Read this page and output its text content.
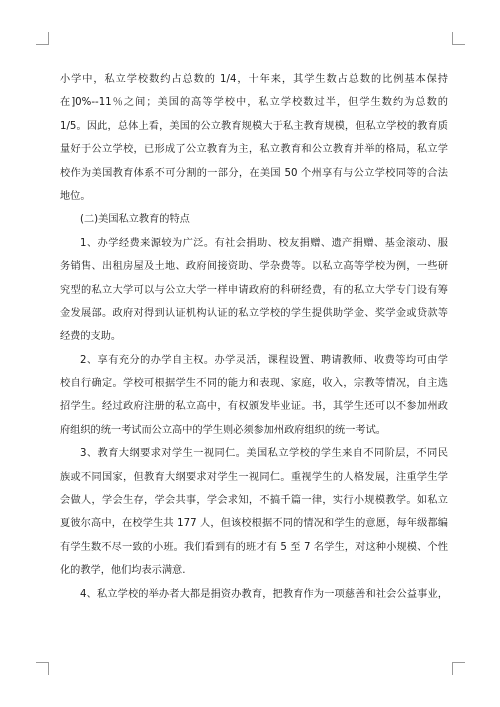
小学中，私立学校数约占总数的 1/4，十年来，其学生数占总数的比例基本保持
在]0%--11％之间；美国的高等学校中，私立学校数过半，但学生数约为总数的
1/5。因此，总体上看，美国的公立教育规模大于私主教育规模，但私立学校的教育质
量好于公立学校，已形成了公立教育为主，私立教育和公立教育并举的格局，私立学
校作为美国教育体系不可分割的一部分，在美国 50 个州享有与公立学校同等的合法
地位。
(二)美国私立教育的特点
1、办学经费来源较为广泛。有社会捐助、校友捐赠、遗产捐赠、基金滚动、服
务销售、出租房屋及土地、政府间接资助、学杂费等。以私立高等学校为例，一些研
究型的私立大学可以与公立大学一样申请政府的科研经费，有的私立大学专门设有筹
金发展部。政府对得到认证机构认证的私立学校的学生提供助学金、奖学金或贷款等
经费的支助。
2、享有充分的办学自主权。办学灵活，课程设置、聘请教师、收费等均可由学
校自行确定。学校可根据学生不同的能力和表现、家庭，收入，宗教等情况，自主选
招学生。经过政府注册的私立高中，有权颁发毕业证。书，其学生还可以不参加州政
府组织的统一考试而公立高中的学生则必须参加州政府组织的统一考试。
3、教育大纲要求对学生一视同仁。美国私立学校的学生来自不同阶层，不同民
族或不同国家，但教育大纲要求对学生一视同仁。重视学生的人格发展，注重学生学
会做人，学会生存，学会共事，学会求知，不搞千篇一律，实行小规模教学。如私立
夏彼尔高中，在校学生共 177 人，但该校根据不同的情况和学生的意愿，每年级都编
有学生数不尽一致的小班。我们看到有的班才有 5 至 7 名学生，对这种小规模、个性
化的教学，他们均表示满意.
4、私立学校的举办者大都是捐资办教育，把教育作为一项慈善和社会公益事业，
